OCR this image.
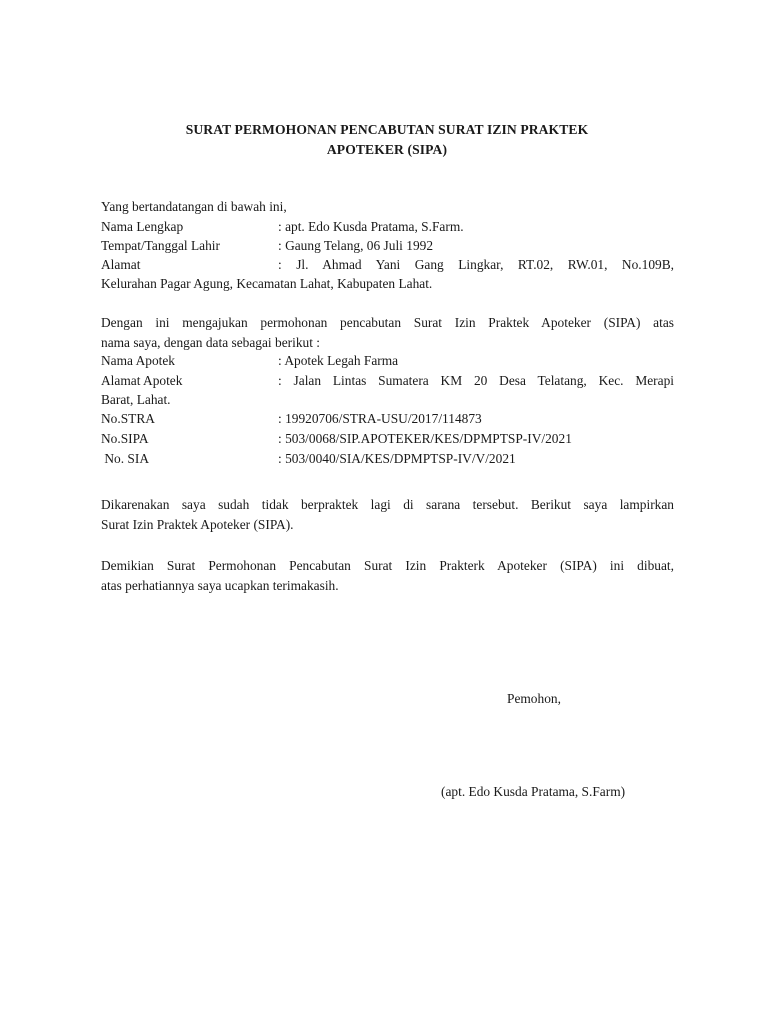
SURAT PERMOHONAN PENCABUTAN SURAT IZIN PRAKTEK
APOTEKER (SIPA)
Yang bertandatangan di bawah ini,
Nama Lengkap	: apt. Edo Kusda Pratama, S.Farm.
Tempat/Tanggal Lahir	: Gaung Telang, 06 Juli 1992
Alamat	: Jl. Ahmad Yani Gang Lingkar, RT.02, RW.01, No.109B,
Kelurahan Pagar Agung, Kecamatan Lahat, Kabupaten Lahat.
Dengan ini mengajukan permohonan pencabutan Surat Izin Praktek Apoteker (SIPA) atas
nama saya, dengan data sebagai berikut :
Nama Apotek	: Apotek Legah Farma
Alamat Apotek	: Jalan Lintas Sumatera KM 20 Desa Telatang, Kec. Merapi
Barat, Lahat.
No.STRA	: 19920706/STRA-USU/2017/114873
No.SIPA	: 503/0068/SIP.APOTEKER/KES/DPMPTSP-IV/2021
No. SIA	: 503/0040/SIA/KES/DPMPTSP-IV/V/2021
Dikarenakan saya sudah tidak berpraktek lagi di sarana tersebut. Berikut saya lampirkan
Surat Izin Praktek Apoteker (SIPA).
Demikian Surat Permohonan Pencabutan Surat Izin Prakterk Apoteker (SIPA) ini dibuat,
atas perhatiannya saya ucapkan terimakasih.
Pemohon,
(apt. Edo Kusda Pratama, S.Farm)
